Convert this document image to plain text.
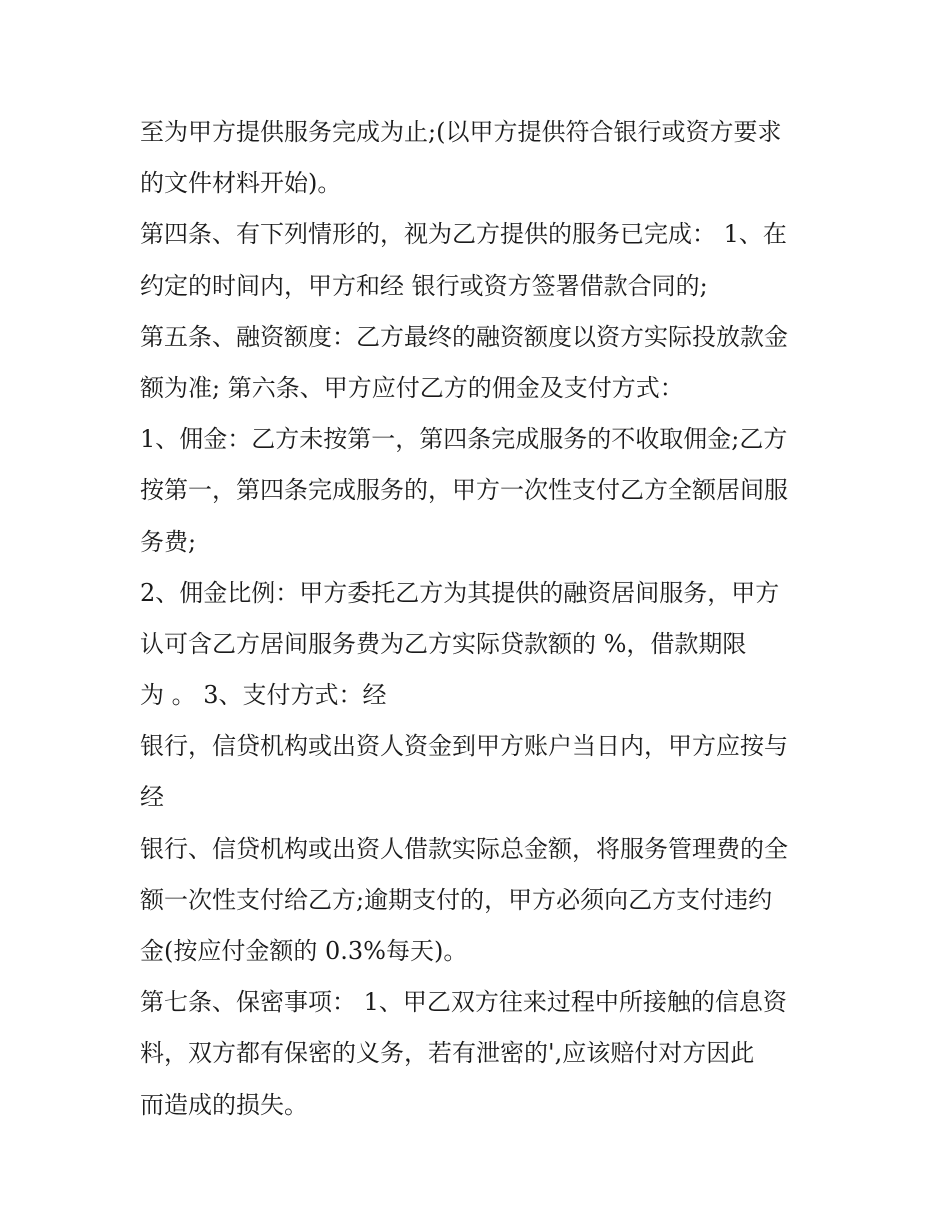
至为甲方提供服务完成为止;(以甲方提供符合银行或资方要求
的文件材料开始)。
第四条、有下列情形的，视为乙方提供的服务已完成： 1、在
约定的时间内，甲方和经 银行或资方签署借款合同的;
第五条、融资额度：乙方最终的融资额度以资方实际投放款金
额为准; 第六条、甲方应付乙方的佣金及支付方式：
1、佣金：乙方未按第一，第四条完成服务的不收取佣金;乙方
按第一，第四条完成服务的，甲方一次性支付乙方全额居间服
务费;
2、佣金比例：甲方委托乙方为其提供的融资居间服务，甲方
认可含乙方居间服务费为乙方实际贷款额的 %，借款期限
为 。 3、支付方式：经
银行，信贷机构或出资人资金到甲方账户当日内，甲方应按与
经
银行、信贷机构或出资人借款实际总金额，将服务管理费的全
额一次性支付给乙方;逾期支付的，甲方必须向乙方支付违约
金(按应付金额的 0.3%每天)。
第七条、保密事项： 1、甲乙双方往来过程中所接触的信息资
料，双方都有保密的义务，若有泄密的',应该赔付对方因此
而造成的损失。
